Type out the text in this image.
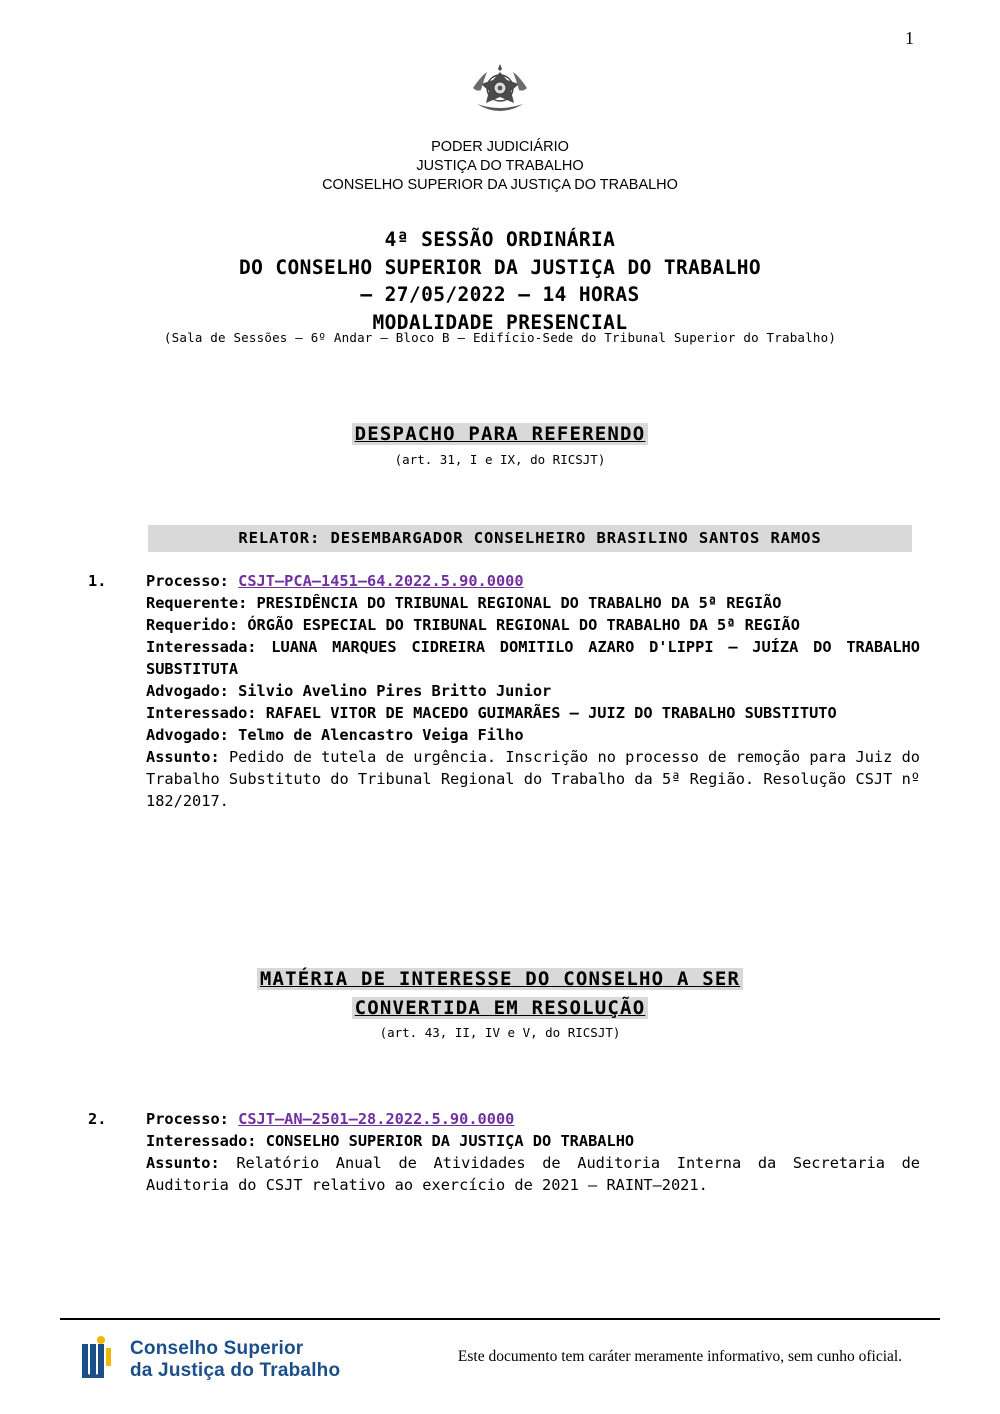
1
PODER JUDICIÁRIO
JUSTIÇA DO TRABALHO
CONSELHO SUPERIOR DA JUSTIÇA DO TRABALHO
4ª SESSÃO ORDINÁRIA
DO CONSELHO SUPERIOR DA JUSTIÇA DO TRABALHO
— 27/05/2022 — 14 HORAS
MODALIDADE PRESENCIAL
(Sala de Sessões — 6º Andar — Bloco B — Edifício-Sede do Tribunal Superior do Trabalho)
DESPACHO PARA REFERENDO
(art. 31, I e IX, do RICSJT)
RELATOR: DESEMBARGADOR CONSELHEIRO BRASILINO SANTOS RAMOS
1.	Processo: CSJT—PCA—1451—64.2022.5.90.0000
Requerente: PRESIDÊNCIA DO TRIBUNAL REGIONAL DO TRABALHO DA 5ª REGIÃO
Requerido: ÓRGÃO ESPECIAL DO TRIBUNAL REGIONAL DO TRABALHO DA 5ª REGIÃO
Interessada: LUANA MARQUES CIDREIRA DOMITILO AZARO D'LIPPI — JUÍZA DO TRABALHO SUBSTITUTA
Advogado: Silvio Avelino Pires Britto Junior
Interessado: RAFAEL VITOR DE MACEDO GUIMARÃES — JUIZ DO TRABALHO SUBSTITUTO
Advogado: Telmo de Alencastro Veiga Filho
Assunto: Pedido de tutela de urgência. Inscrição no processo de remoção para Juiz do Trabalho Substituto do Tribunal Regional do Trabalho da 5ª Região. Resolução CSJT nº 182/2017.
MATÉRIA DE INTERESSE DO CONSELHO A SER
CONVERTIDA EM RESOLUÇÃO
(art. 43, II, IV e V, do RICSJT)
2.	Processo: CSJT—AN—2501—28.2022.5.90.0000
Interessado: CONSELHO SUPERIOR DA JUSTIÇA DO TRABALHO
Assunto: Relatório Anual de Atividades de Auditoria Interna da Secretaria de Auditoria do CSJT relativo ao exercício de 2021 — RAINT—2021.
Conselho Superior
da Justiça do Trabalho
Este documento tem caráter meramente informativo, sem cunho oficial.
